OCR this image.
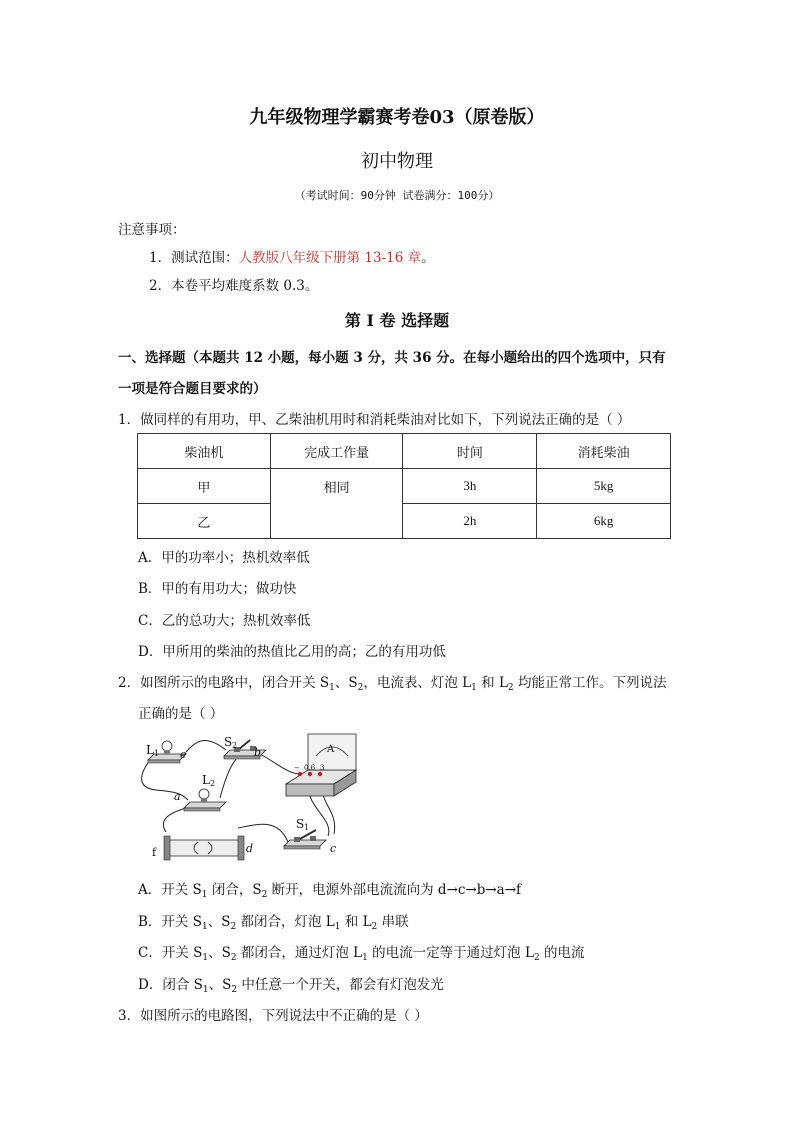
九年级物理学霸赛考卷03（原卷版）
初中物理
（考试时间：90分钟 试卷满分：100分）
注意事项：
1．测试范围：人教版八年级下册第 13-16 章。
2．本卷平均难度系数 0.3。
第 I 卷 选择题
一、选择题（本题共 12 小题，每小题 3 分，共 36 分。在每小题给出的四个选项中，只有
一项是符合题目要求的）
1．做同样的有用功，甲、乙柴油机用时和消耗柴油对比如下，下列说法正确的是（ ）
柴油机	完成工作量	时间	消耗柴油
甲	相同	3h	5kg
乙		2h	6kg
A．甲的功率小；热机效率低
B．甲的有用功大；做功快
C．乙的总功大；热机效率低
D．甲所用的柴油的热值比乙用的高；乙的有用功低
2．如图所示的电路中，闭合开关 $S_1$、$S_2$，电流表、灯泡 $L_1$ 和 $L_2$ 均能正常工作。下列说法
正确的是（ ）
L 1 e
S 2
b	A
0.6 3
−
a
L 2
S 1
c
f	d
A．开关 $S_1$ 闭合，$S_2$ 断开，电源外部电流流向为 d→c→b→a→f
B．开关 $S_1$、$S_2$ 都闭合，灯泡 $L_1$ 和 $L_2$ 串联
C．开关 $S_1$、$S_2$ 都闭合，通过灯泡 $L_1$ 的电流一定等于通过灯泡 $L_2$ 的电流
D．闭合 $S_1$、$S_2$ 中任意一个开关，都会有灯泡发光
3．如图所示的电路图，下列说法中不正确的是（ ）
